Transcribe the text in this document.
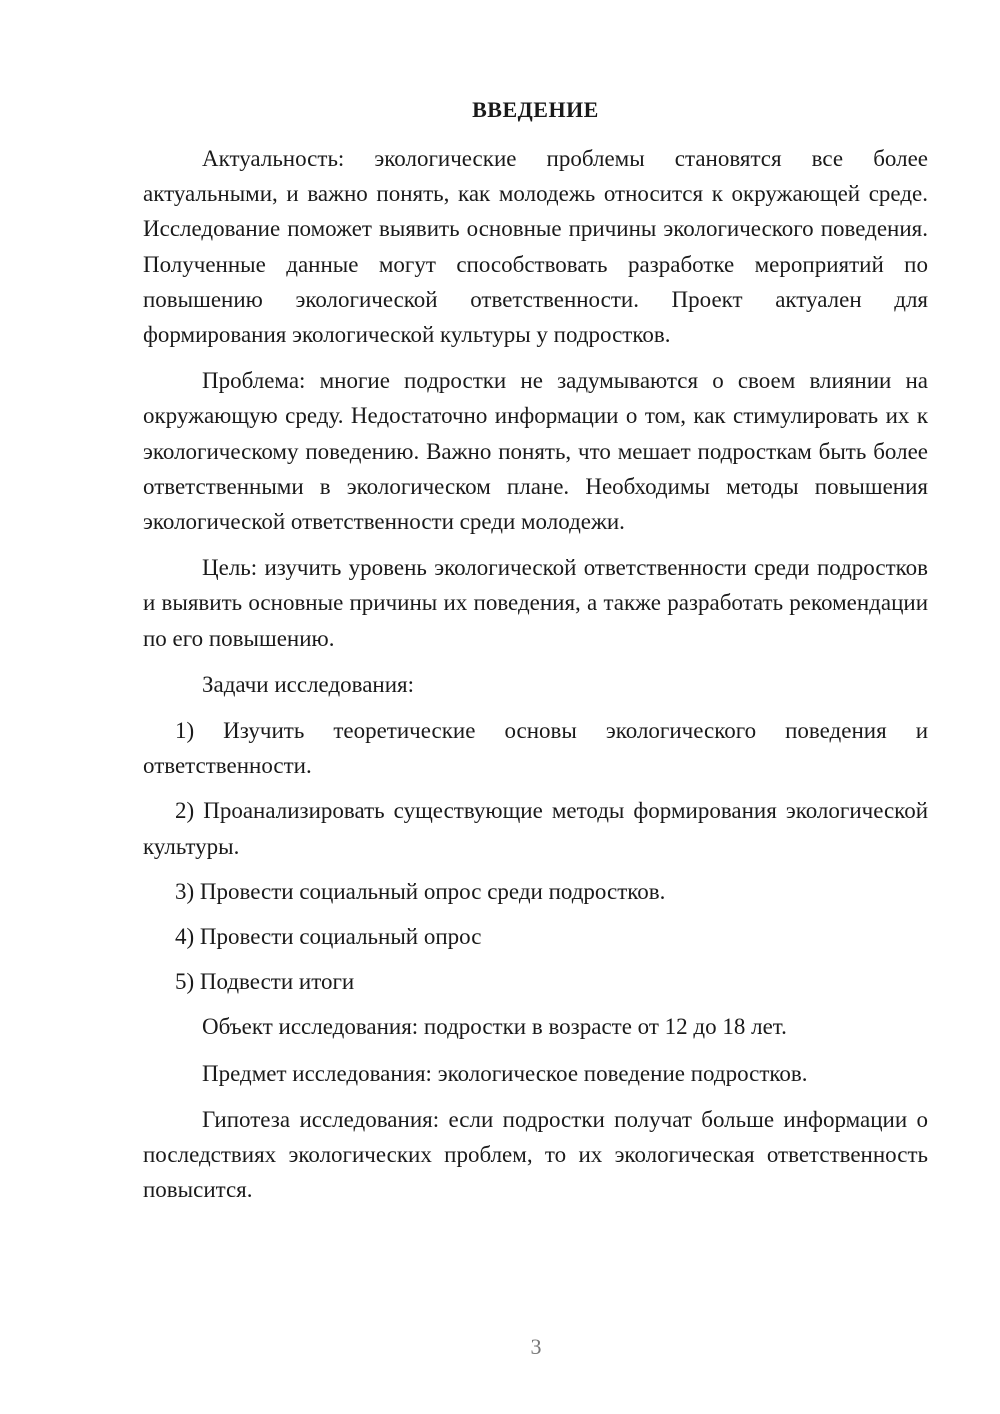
ВВЕДЕНИЕ

Актуальность: экологические проблемы становятся все более актуальными, и важно понять, как молодежь относится к окружающей среде. Исследование поможет выявить основные причины экологического поведения. Полученные данные могут способствовать разработке мероприятий по повышению экологической ответственности. Проект актуален для формирования экологической культуры у подростков.

Проблема: многие подростки не задумываются о своем влиянии на окружающую среду. Недостаточно информации о том, как стимулировать их к экологическому поведению. Важно понять, что мешает подросткам быть более ответственными в экологическом плане. Необходимы методы повышения экологической ответственности среди молодежи.

Цель: изучить уровень экологической ответственности среди подростков и выявить основные причины их поведения, а также разработать рекомендации по его повышению.

Задачи исследования:

1) Изучить теоретические основы экологического поведения и ответственности.

2) Проанализировать существующие методы формирования экологической культуры.

3) Провести социальный опрос среди подростков.

4) Провести социальный опрос

5) Подвести итоги

Объект исследования: подростки в возрасте от 12 до 18 лет.

Предмет исследования: экологическое поведение подростков.

Гипотеза исследования: если подростки получат больше информации о последствиях экологических проблем, то их экологическая ответственность повысится.

3
